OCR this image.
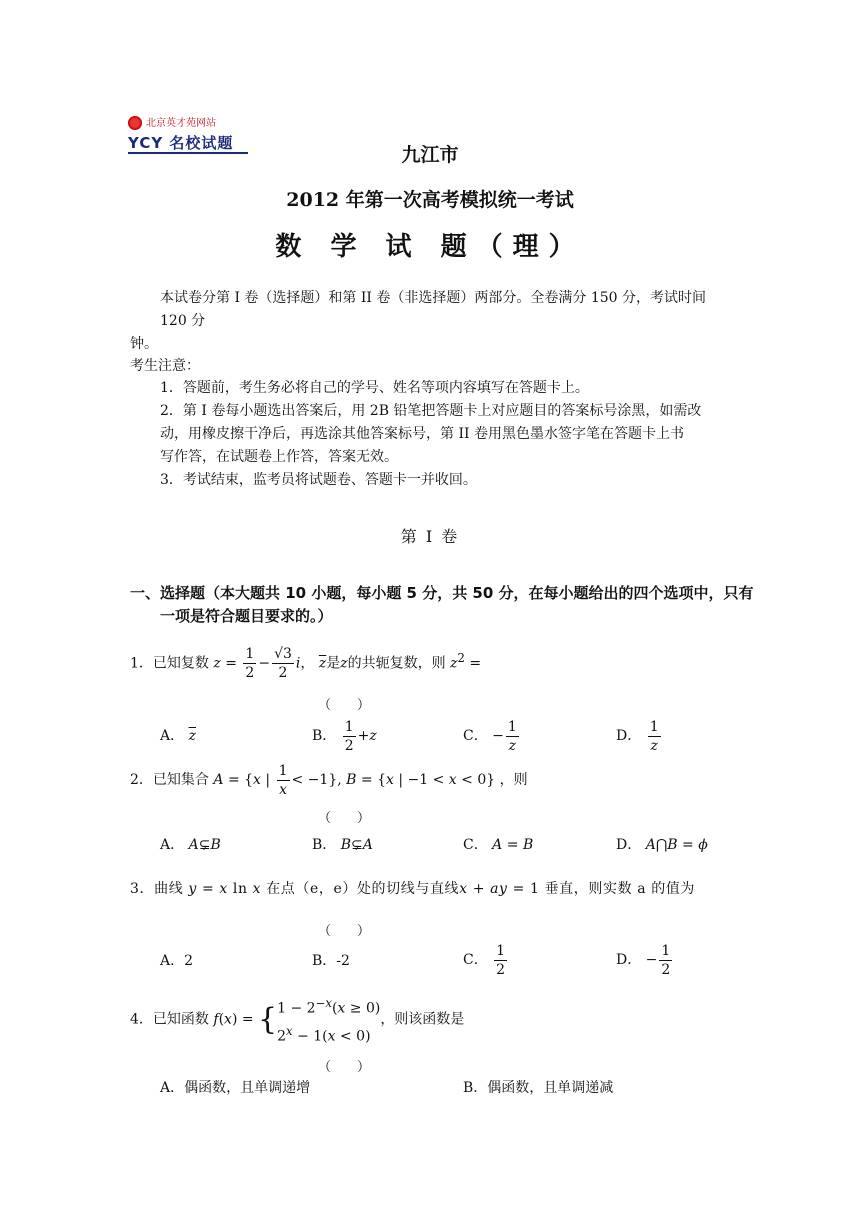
北京英才苑网站
YCY 名校试题
九江市
2012 年第一次高考模拟统一考试
数 学 试 题（理）
本试卷分第 I 卷（选择题）和第 II 卷（非选择题）两部分。全卷满分 150 分，考试时间
120 分
钟。
考生注意：
1．答题前，考生务必将自己的学号、姓名等项内容填写在答题卡上。
2．第 I 卷每小题选出答案后，用 2B 铅笔把答题卡上对应题目的答案标号涂黑，如需改
动，用橡皮擦干净后，再选涂其他答案标号，第 II 卷用黑色墨水签字笔在答题卡上书
写作答，在试题卷上作答，答案无效。
3．考试结束，监考员将试题卷、答题卡一并收回。
第 Ⅰ 卷
一、选择题（本大题共 10 小题，每小题 5 分，共 50 分，在每小题给出的四个选项中，只有
一项是符合题目要求的。）
1．已知复数 $z = \frac{1}{2} - \frac{√3}{2}$ i， $\overline{z}$是z的共轭复数，则 $z^2$ =
（　　）
A． $\overline{z}$	B． $\frac{1}{2} +z$	C． − $\frac{1}{z}$	D． $\frac{1}{z}$
2．已知集合 A = {x | $\frac{1}{x} < -1$}, B = {x | −1 < x < 0} ，则
（　　）
A． A⊊B	B． B⊊A	C． A = B	D． A⋂B = ϕ
3．曲线 y = x ln x 在点（e，e）处的切线与直线x + ay = 1 垂直，则实数 a 的值为
（　　）
A．2	B．-2	C． $\frac{1}{2}$	D． − $\frac{1}{2}$
4．已知函数 $f(x) = \{1 - 2^{-x}(x \ge 0)$
$2^x - 1(x < 0)$，则该函数是
（　　）
A．偶函数，且单调递增	B．偶函数，且单调递减
